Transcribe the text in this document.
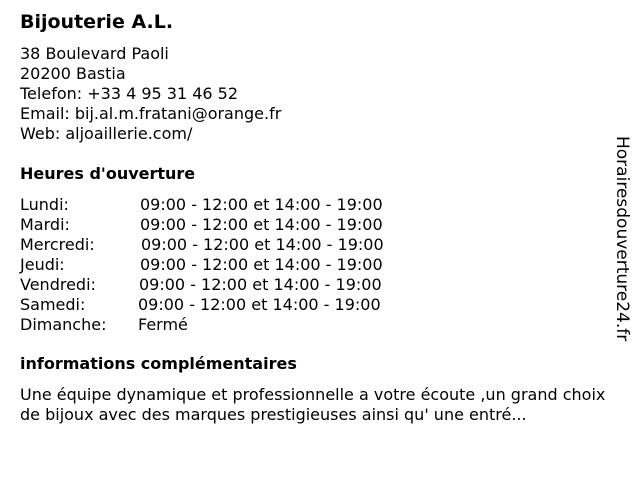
Bijouterie A.L.
38 Boulevard Paoli
20200 Bastia
Telefon: +33 4 95 31 46 52
Email: bij.al.m.fratani@orange.fr
Web: aljoaillerie.com/
Heures d'ouverture
Lundi:	09:00 - 12:00 et 14:00 - 19:00
Mardi:	09:00 - 12:00 et 14:00 - 19:00
Mercredi:	09:00 - 12:00 et 14:00 - 19:00
Jeudi:	09:00 - 12:00 et 14:00 - 19:00
Vendredi:	09:00 - 12:00 et 14:00 - 19:00
Samedi:	09:00 - 12:00 et 14:00 - 19:00
Dimanche: Fermé
informations complémentaires
Une équipe dynamique et professionnelle a votre écoute ,un grand choix de bijoux avec des marques prestigieuses ainsi qu' une entré...
Horairesdouverture24.fr
